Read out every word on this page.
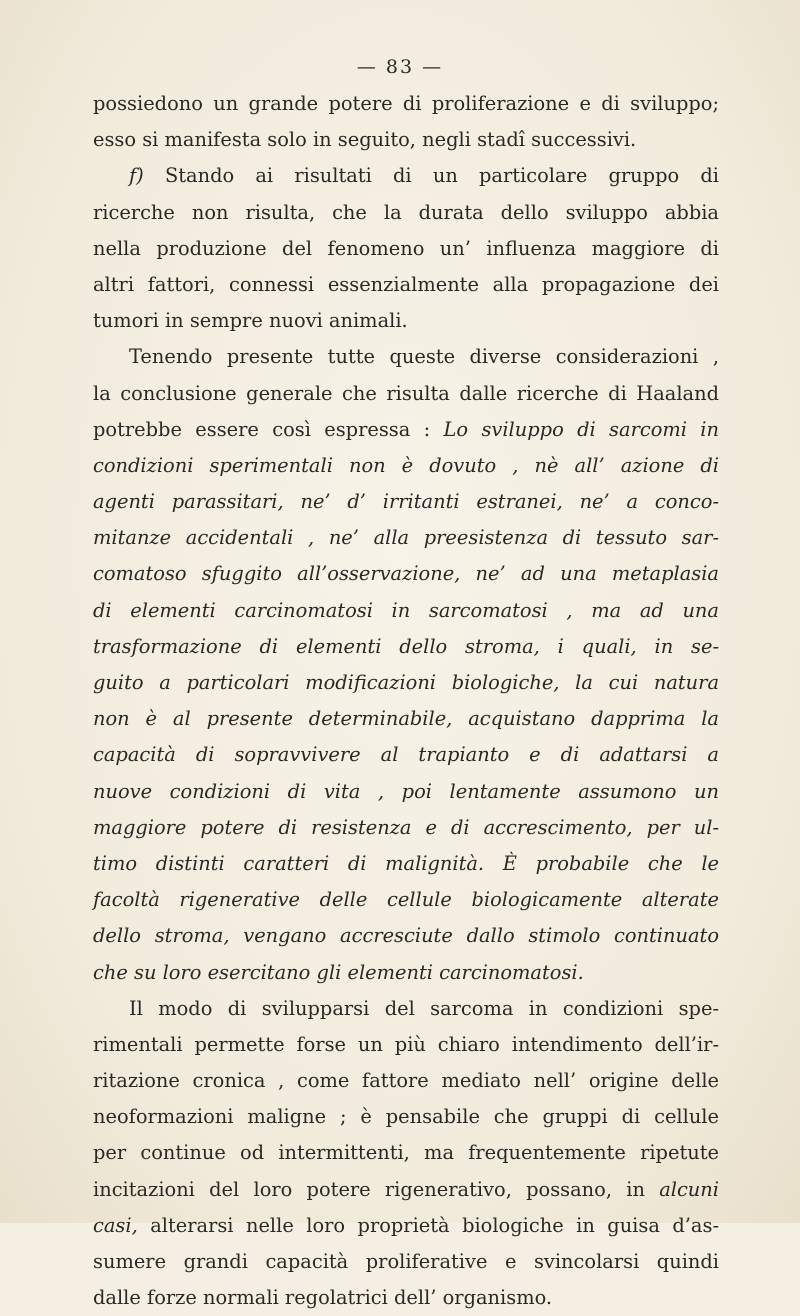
— 83 —
possiedono un grande potere di proliferazione e di sviluppo;
esso si manifesta solo in seguito, negli stadî successivi.
f) Stando ai risultati di un particolare gruppo di
ricerche non risulta, che la durata dello sviluppo abbia
nella produzione del fenomeno un’ influenza maggiore di
altri fattori, connessi essenzialmente alla propagazione dei
tumori in sempre nuovi animali.
Tenendo presente tutte queste diverse considerazioni ,
la conclusione generale che risulta dalle ricerche di Haaland
potrebbe essere così espressa : Lo sviluppo di sarcomi in
condizioni sperimentali non è dovuto , nè all’ azione di
agenti parassitari, ne’ d’ irritanti estranei, ne’ a conco-
mitanze accidentali , ne’ alla preesistenza di tessuto sar-
comatoso sfuggito all’osservazione, ne’ ad una metaplasia
di elementi carcinomatosi in sarcomatosi , ma ad una
trasformazione di elementi dello stroma, i quali, in se-
guito a particolari modificazioni biologiche, la cui natura
non è al presente determinabile, acquistano dapprima la
capacità di sopravvivere al trapianto e di adattarsi a
nuove condizioni di vita , poi lentamente assumono un
maggiore potere di resistenza e di accrescimento, per ul-
timo distinti caratteri di malignità. È probabile che le
facoltà rigenerative delle cellule biologicamente alterate
dello stroma, vengano accresciute dallo stimolo continuato
che su loro esercitano gli elementi carcinomatosi.
Il modo di svilupparsi del sarcoma in condizioni spe-
rimentali permette forse un più chiaro intendimento dell’ir-
ritazione cronica , come fattore mediato nell’ origine delle
neoformazioni maligne ; è pensabile che gruppi di cellule
per continue od intermittenti, ma frequentemente ripetute
incitazioni del loro potere rigenerativo, possano, in alcuni
casi, alterarsi nelle loro proprietà biologiche in guisa d’as-
sumere grandi capacità proliferative e svincolarsi quindi
dalle forze normali regolatrici dell’ organismo.
